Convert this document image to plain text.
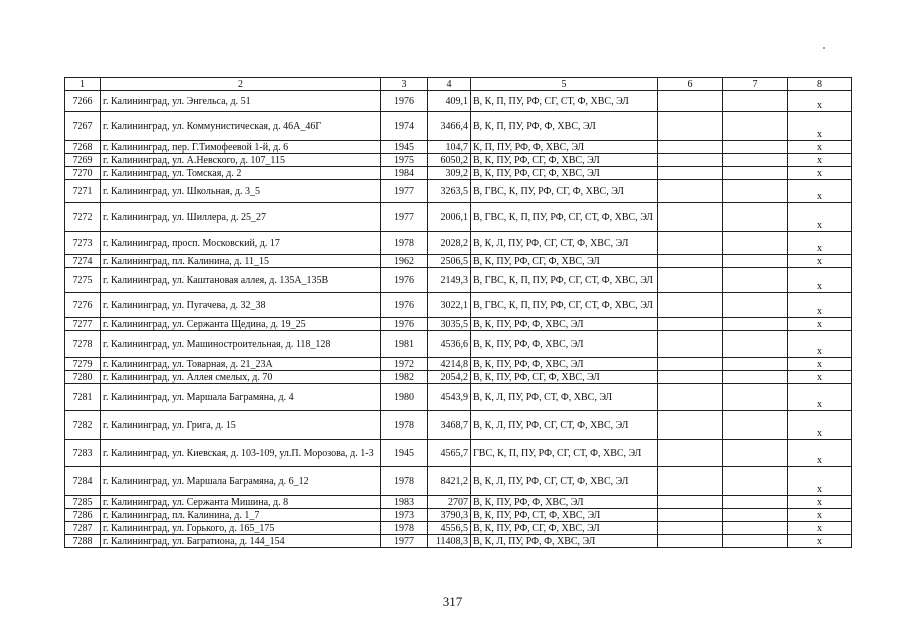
1	2	3	4	5	6	7	8
7266	г. Калининград, ул. Энгельса, д. 51	1976	409,1	В, К, П, ПУ, РФ, СГ, СТ, Ф, ХВС, ЭЛ			x
7267	г. Калининград, ул. Коммунистическая, д. 46А_46Г	1974	3466,4	В, К, П, ПУ, РФ, Ф, ХВС, ЭЛ			x
7268	г. Калининград, пер. Г.Тимофеевой 1-й, д. 6	1945	104,7	К, П, ПУ, РФ, Ф, ХВС, ЭЛ			x
7269	г. Калининград, ул. А.Невского, д. 107_115	1975	6050,2	В, К, ПУ, РФ, СГ, Ф, ХВС, ЭЛ			x
7270	г. Калининград, ул. Томская, д. 2	1984	309,2	В, К, ПУ, РФ, СГ, Ф, ХВС, ЭЛ			x
7271	г. Калининград, ул. Школьная, д. 3_5	1977	3263,5	В, ГВС, К, ПУ, РФ, СГ, Ф, ХВС, ЭЛ			x
7272	г. Калининград, ул. Шиллера, д. 25_27	1977	2006,1	В, ГВС, К, П, ПУ, РФ, СГ, СТ, Ф, ХВС, ЭЛ			x
7273	г. Калининград, просп. Московский, д. 17	1978	2028,2	В, К, Л, ПУ, РФ, СГ, СТ, Ф, ХВС, ЭЛ			x
7274	г. Калининград, пл. Калинина, д. 11_15	1962	2506,5	В, К, ПУ, РФ, СГ, Ф, ХВС, ЭЛ			x
7275	г. Калининград, ул. Каштановая аллея, д. 135А_135В	1976	2149,3	В, ГВС, К, П, ПУ, РФ, СГ, СТ, Ф, ХВС, ЭЛ			x
7276	г. Калининград, ул. Пугачева, д. 32_38	1976	3022,1	В, ГВС, К, П, ПУ, РФ, СГ, СТ, Ф, ХВС, ЭЛ			x
7277	г. Калининград, ул. Сержанта Щедина, д. 19_25	1976	3035,5	В, К, ПУ, РФ, Ф, ХВС, ЭЛ			x
7278	г. Калининград, ул. Машиностроительная, д. 118_128	1981	4536,6	В, К, ПУ, РФ, Ф, ХВС, ЭЛ			x
7279	г. Калининград, ул. Товарная, д. 21_23А	1972	4214,8	В, К, ПУ, РФ, Ф, ХВС, ЭЛ			x
7280	г. Калининград, ул. Аллея смелых, д. 70	1982	2054,2	В, К, ПУ, РФ, СГ, Ф, ХВС, ЭЛ			x
7281	г. Калининград, ул. Маршала Баграмяна, д. 4	1980	4543,9	В, К, Л, ПУ, РФ, СТ, Ф, ХВС, ЭЛ			x
7282	г. Калининград, ул. Грига, д. 15	1978	3468,7	В, К, Л, ПУ, РФ, СГ, СТ, Ф, ХВС, ЭЛ			x
7283	г. Калининград, ул. Киевская, д. 103-109, ул.П. Морозова, д. 1-3	1945	4565,7	ГВС, К, П, ПУ, РФ, СГ, СТ, Ф, ХВС, ЭЛ			x
7284	г. Калининград, ул. Маршала Баграмяна, д. 6_12	1978	8421,2	В, К, Л, ПУ, РФ, СГ, СТ, Ф, ХВС, ЭЛ			x
7285	г. Калининград, ул. Сержанта Мишина, д. 8	1983	2707	В, К, ПУ, РФ, Ф, ХВС, ЭЛ			x
7286	г. Калининград, пл. Калинина, д. 1_7	1973	3790,3	В, К, ПУ, РФ, СТ, Ф, ХВС, ЭЛ			x
7287	г. Калининград, ул. Горького, д. 165_175	1978	4556,5	В, К, ПУ, РФ, СГ, Ф, ХВС, ЭЛ			x
7288	г. Калининград, ул. Багратиона, д. 144_154	1977	11408,3	В, К, Л, ПУ, РФ, Ф, ХВС, ЭЛ			x
317
